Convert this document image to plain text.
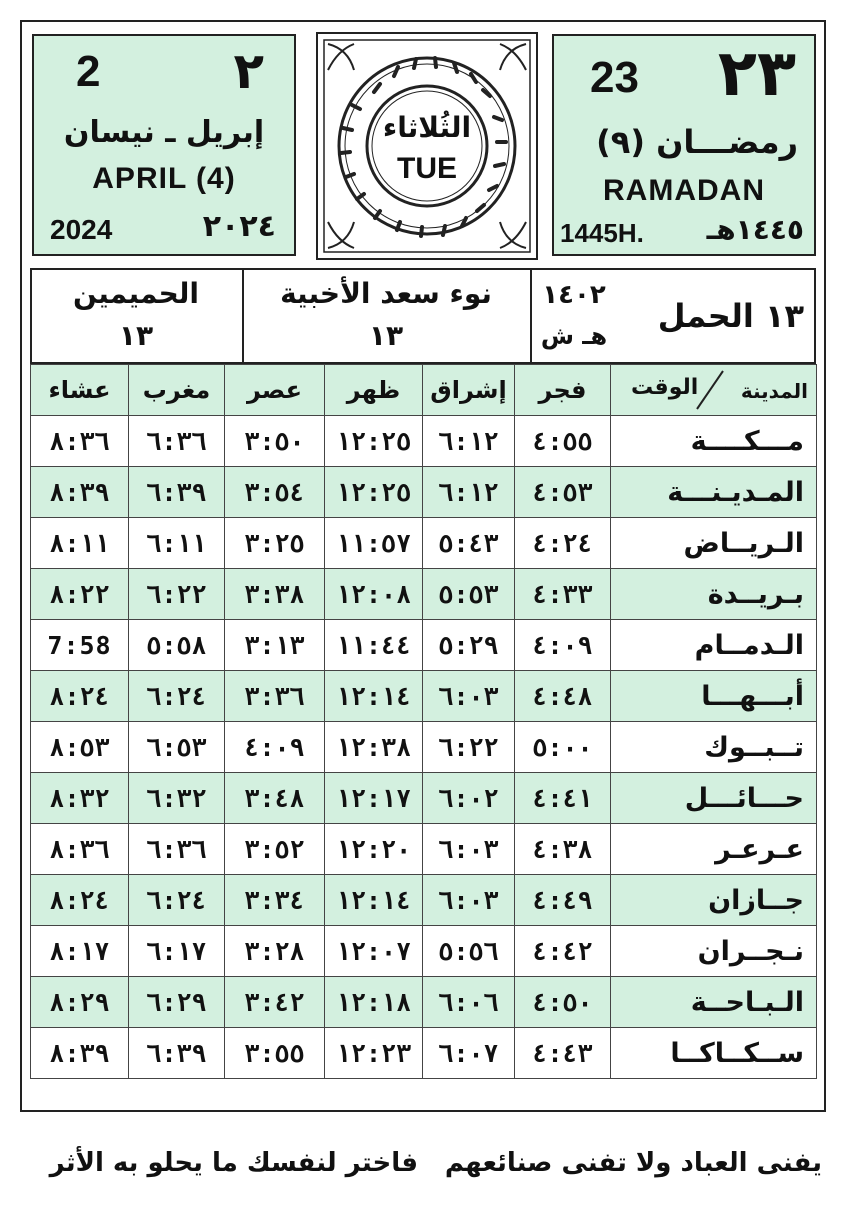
2	٢
إبريل ـ نيسان
APRIL (4)
2024	٢٠٢٤
الثُلاثاء
TUE
23 ٢٣
رمضـــان (٩)
RAMADAN
1445H. ١٤٤٥هـ
الحميمين
١٣
نوء سعد الأخبية
١٣
١٤٠٢
هـ ش
١٣ الحمل
عشاء	مغرب	عصر	ظهر	إشراق	فجر	الوقت المدينة

٨:٣٦	٦:٣٦	٣:٥٠	١٢:٢٥	٦:١٢	٤:٥٥	مـــكــــة
٨:٣٩	٦:٣٩	٣:٥٤	١٢:٢٥	٦:١٢	٤:٥٣	المـديـنـــة
٨:١١	٦:١١	٣:٢٥	١١:٥٧	٥:٤٣	٤:٢٤	الـريــاض
٨:٢٢	٦:٢٢	٣:٣٨	١٢:٠٨	٥:٥٣	٤:٣٣	بـريــدة
7:58	٥:٥٨	٣:١٣	١١:٤٤	٥:٢٩	٤:٠٩	الـدمــام
٨:٢٤	٦:٢٤	٣:٣٦	١٢:١٤	٦:٠٣	٤:٤٨	أبـــهـــا
٨:٥٣	٦:٥٣	٤:٠٩	١٢:٣٨	٦:٢٢	٥:٠٠	تــبــوك
٨:٣٢	٦:٣٢	٣:٤٨	١٢:١٧	٦:٠٢	٤:٤١	حـــائـــل
٨:٣٦	٦:٣٦	٣:٥٢	١٢:٢٠	٦:٠٣	٤:٣٨	عـرعـر
٨:٢٤	٦:٢٤	٣:٣٤	١٢:١٤	٦:٠٣	٤:٤٩	جــازان
٨:١٧	٦:١٧	٣:٢٨	١٢:٠٧	٥:٥٦	٤:٤٢	نـجــران
٨:٢٩	٦:٢٩	٣:٤٢	١٢:١٨	٦:٠٦	٤:٥٠	الـبـاحــة
٨:٣٩	٦:٣٩	٣:٥٥	١٢:٢٣	٦:٠٧	٤:٤٣	ســكــاكــا
يفنى العباد ولا تفنى صنائعهم
فاختر لنفسك ما يحلو به الأثر
